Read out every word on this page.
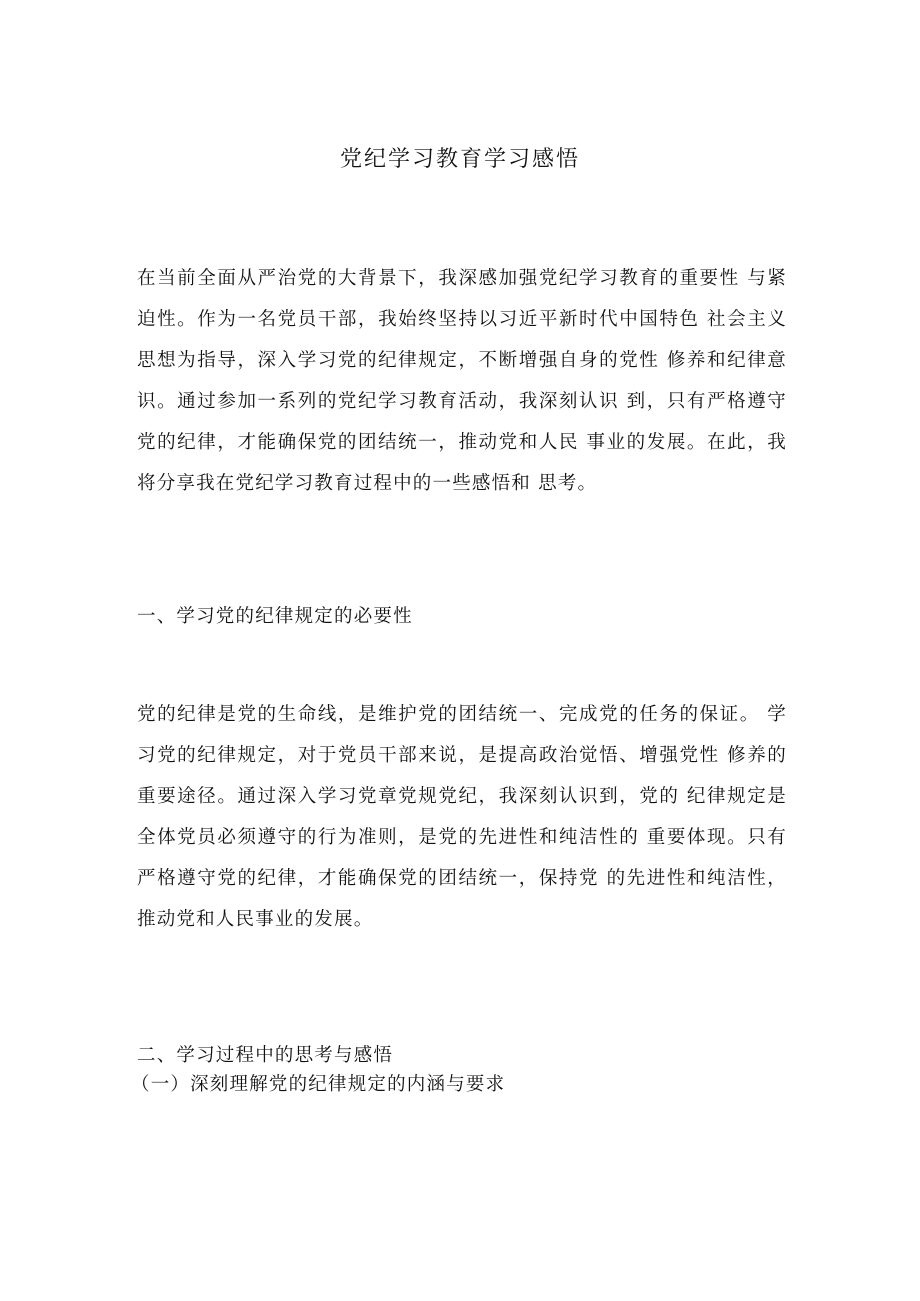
党纪学习教育学习感悟
在当前全面从严治党的大背景下，我深感加强党纪学习教育的重要性 与紧
迫性。作为一名党员干部，我始终坚持以习近平新时代中国特色 社会主义
思想为指导，深入学习党的纪律规定，不断增强自身的党性 修养和纪律意
识。通过参加一系列的党纪学习教育活动，我深刻认识 到，只有严格遵守
党的纪律，才能确保党的团结统一，推动党和人民 事业的发展。在此，我
将分享我在党纪学习教育过程中的一些感悟和 思考。
一、学习党的纪律规定的必要性
党的纪律是党的生命线，是维护党的团结统一、完成党的任务的保证。 学
习党的纪律规定，对于党员干部来说，是提高政治觉悟、增强党性 修养的
重要途径。通过深入学习党章党规党纪，我深刻认识到，党的 纪律规定是
全体党员必须遵守的行为准则，是党的先进性和纯洁性的 重要体现。只有
严格遵守党的纪律，才能确保党的团结统一，保持党 的先进性和纯洁性，
推动党和人民事业的发展。
二、学习过程中的思考与感悟
（一）深刻理解党的纪律规定的内涵与要求
